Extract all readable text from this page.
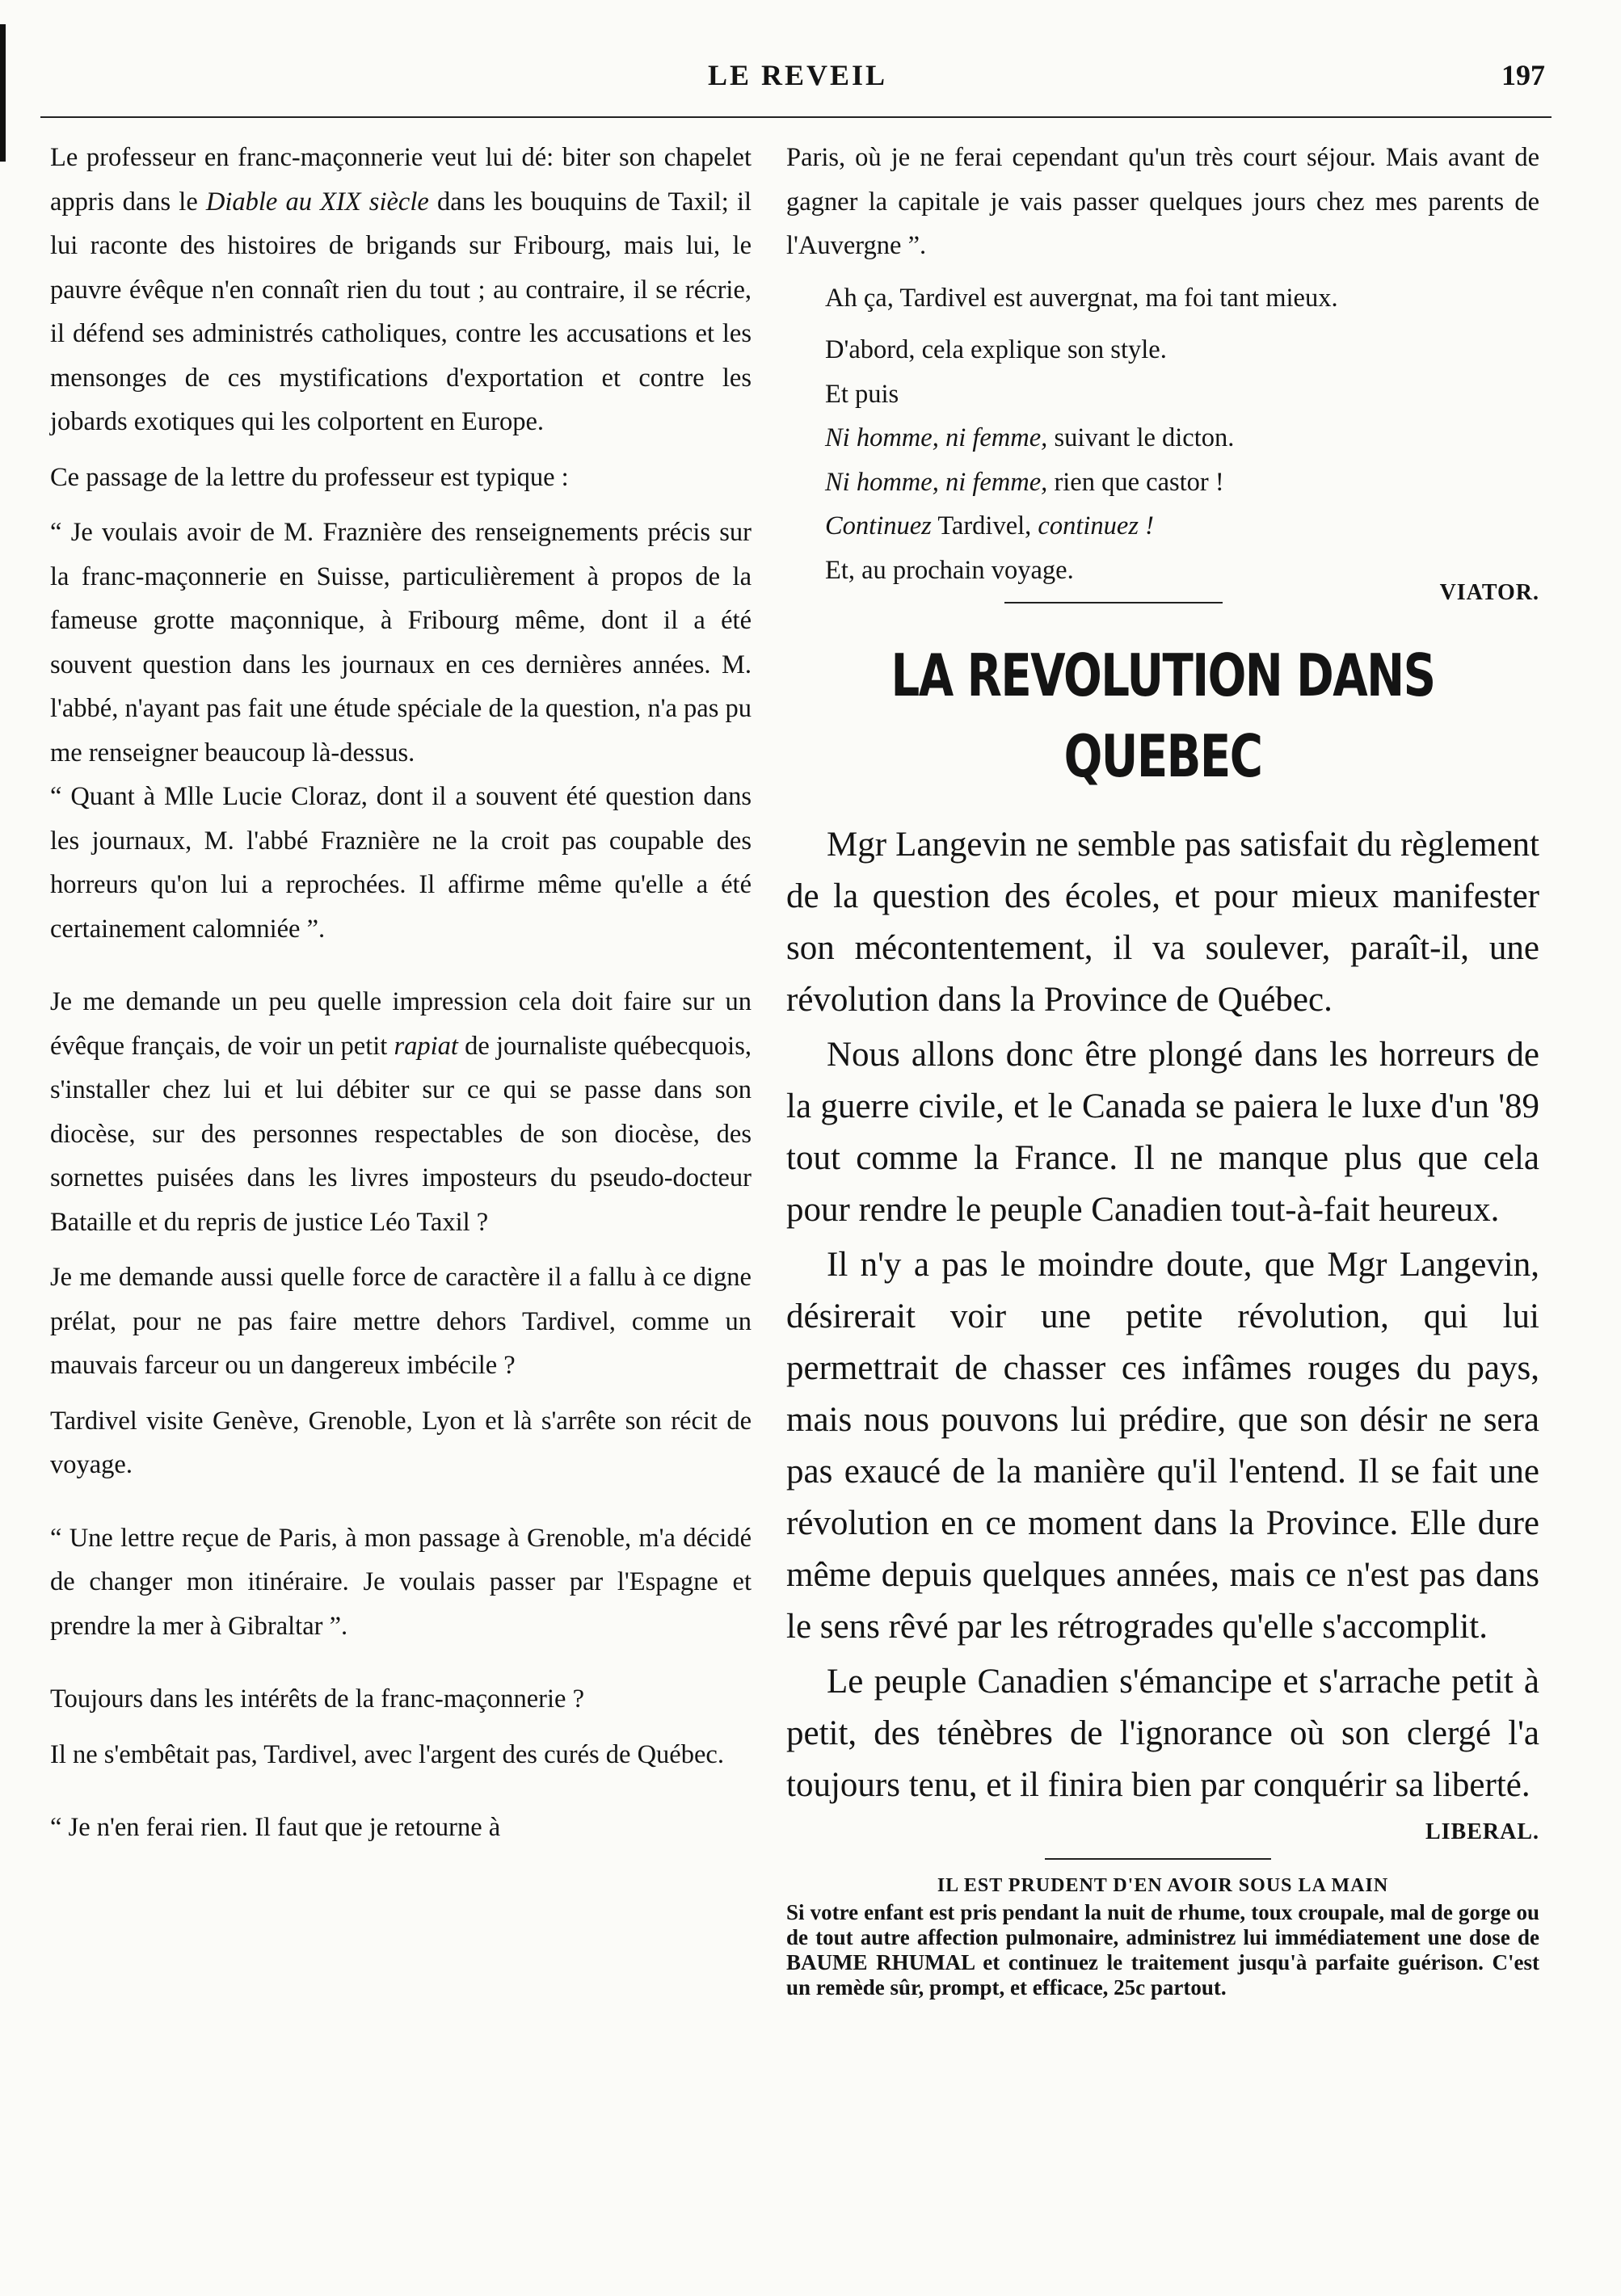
LE REVEIL	197

Le professeur en franc-maçonnerie veut lui dé: biter son chapelet appris dans le Diable au XIX siècle dans les bouquins de Taxil; il lui raconte des histoires de brigands sur Fribourg, mais lui, le pauvre évêque n'en connaît rien du tout ; au contraire, il se récrie, il défend ses administrés catholiques, contre les accusations et les mensonges de ces mystifications d'exportation et contre les jobards exotiques qui les colportent en Europe.

Ce passage de la lettre du professeur est typique :

“ Je voulais avoir de M. Fraznière des renseignements précis sur la franc-maçonnerie en Suisse, particulièrement à propos de la fameuse grotte maçonnique, à Fribourg même, dont il a été souvent question dans les journaux en ces dernières années. M. l'abbé, n'ayant pas fait une étude spéciale de la question, n'a pas pu me renseigner beaucoup là-dessus.

“ Quant à Mlle Lucie Cloraz, dont il a souvent été question dans les journaux, M. l'abbé Fraznière ne la croit pas coupable des horreurs qu'on lui a reprochées. Il affirme même qu'elle a été certainement calomniée ”.

Je me demande un peu quelle impression cela doit faire sur un évêque français, de voir un petit rapiat de journaliste québecquois, s'installer chez lui et lui débiter sur ce qui se passe dans son diocèse, sur des personnes respectables de son diocèse, des sornettes puisées dans les livres imposteurs du pseudo-docteur Bataille et du repris de justice Léo Taxil ?

Je me demande aussi quelle force de caractère il a fallu à ce digne prélat, pour ne pas faire mettre dehors Tardivel, comme un mauvais farceur ou un dangereux imbécile ?

Tardivel visite Genève, Grenoble, Lyon et là s'arrête son récit de voyage.

“ Une lettre reçue de Paris, à mon passage à Grenoble, m'a décidé de changer mon itinéraire. Je voulais passer par l'Espagne et prendre la mer à Gibraltar ”.

Toujours dans les intérêts de la franc-maçonnerie ?

Il ne s'embêtait pas, Tardivel, avec l'argent des curés de Québec.

“ Je n'en ferai rien. Il faut que je retourne à

Paris, où je ne ferai cependant qu'un très court séjour. Mais avant de gagner la capitale je vais passer quelques jours chez mes parents de l'Auvergne ”.

Ah ça, Tardivel est auvergnat, ma foi tant mieux.

D'abord, cela explique son style.

Et puis

Ni homme, ni femme, suivant le dicton.

Ni homme, ni femme, rien que castor !

Continuez Tardivel, continuez !

Et, au prochain voyage.

VIATOR.

LA REVOLUTION DANS QUEBEC

Mgr Langevin ne semble pas satisfait du règlement de la question des écoles, et pour mieux manifester son mécontentement, il va soulever, paraît-il, une révolution dans la Province de Québec.

Nous allons donc être plongé dans les horreurs de la guerre civile, et le Canada se paiera le luxe d'un '89 tout comme la France. Il ne manque plus que cela pour rendre le peuple Canadien tout-à-fait heureux.

Il n'y a pas le moindre doute, que Mgr Langevin, désirerait voir une petite révolution, qui lui permettrait de chasser ces infâmes rouges du pays, mais nous pouvons lui prédire, que son désir ne sera pas exaucé de la manière qu'il l'entend. Il se fait une révolution en ce moment dans la Province. Elle dure même depuis quelques années, mais ce n'est pas dans le sens rêvé par les rétrogrades qu'elle s'accomplit.

Le peuple Canadien s'émancipe et s'arrache petit à petit, des ténèbres de l'ignorance où son clergé l'a toujours tenu, et il finira bien par conquérir sa liberté.

LIBERAL.

IL EST PRUDENT D'EN AVOIR SOUS LA MAIN
Si votre enfant est pris pendant la nuit de rhume, toux croupale, mal de gorge ou de tout autre affection pulmonaire, administrez lui immédiatement une dose de BAUME RHUMAL et continuez le traitement jusqu'à parfaite guérison. C'est un remède sûr, prompt, et efficace, 25c partout.
